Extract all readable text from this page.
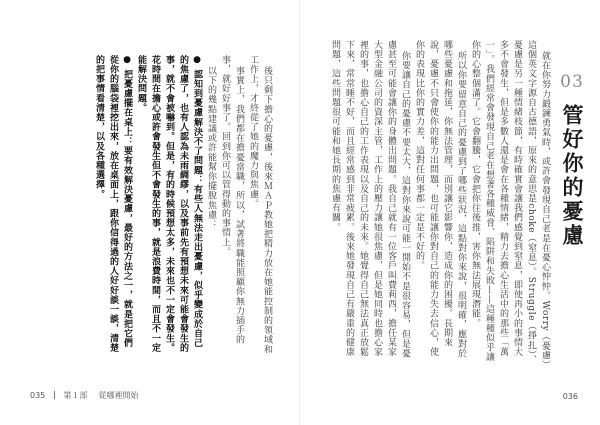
後只剩下擔心的憂慮，後來ＭＡＰ教她把精力放在她能控制的領域和工作上，才終從了她的魔力與焦慮。

事實上，我們都在擔憂當職，所以，試著將職能照顧你無力插手的事，就好好事了。回到你可以管得動的事情上。

以下的幾點建議或許能幫你擺脫焦慮：

● 認知到憂慮解決不了問題：有些人無法走出憂慮，似乎變成於自己的焦慮了，也有人認為未雨綢繆，以及事前先有預想未來可能會發生的事，就不會被嚇到。但是，有的時候預想太多，未來也不一定會發生。花時間在擔心或許會發生但不會發生的事，就是浪費時間，而且不一定能解決問題。

● 把憂慮擺在桌上：要有效解決憂慮，最好的方法之一，就是把它們從你的腦袋裡挖出來，放在桌面上，跟你信得過的人好好談一談，清楚的把事情看清楚，以及各種選擇。

035 第１部 從哪裡開始
03
管好你的憂慮

就在你努力鍛鍊勇氣時，或許會發現自己老是在憂心忡忡。Worry（憂慮）這個英文字源自古德語，原來的意思是choke（窒息）。Struggle（掙扎）、憂慮是另一種情緒枝節，有時確實會讓我們感覺到窒息，即使再小的事情大多不會發生，但是多數人還是會在各種情緒，精力去擔心生活中的那些「萬一」。我們經常會發現自己老在想著各種威脅、陷阱和失敗——這種種似乎讓你的心整個滿了。它會翻騰，它會把你往後推，害你無法展現潛能。

所以你要留意自己的憂慮到了哪些狀況，這點對你來說，很明確，應對於哪些憂慮和拖延，你無法管理，而別讓它影響你，造成你的困擾。長期來說，憂慮不只會使你的能力出問題，也可能讓你對自己的能力失去信心，使你的表現比你的實力差，這對任何事都一定是不好的。

你要讓自己的憂慮不要太大，這對你來說可能一開始不是很容易，但是憂慮甚至可能會讓你的身體出問題。我自己就有一位客戶叫費莉西，擔任某家大型金融公司的資深主管，工作上的壓力讓她很焦慮，但是她同時也擔心家裡的事，也擔心自己的工作表現以及自己的未來。她覺得自己無法真正放鬆下來，常常睡不好，而且經常感到非常疲累。後來她發現自己有嚴重的健康問題，這些問題很可能和她長期的焦慮有關。

036
